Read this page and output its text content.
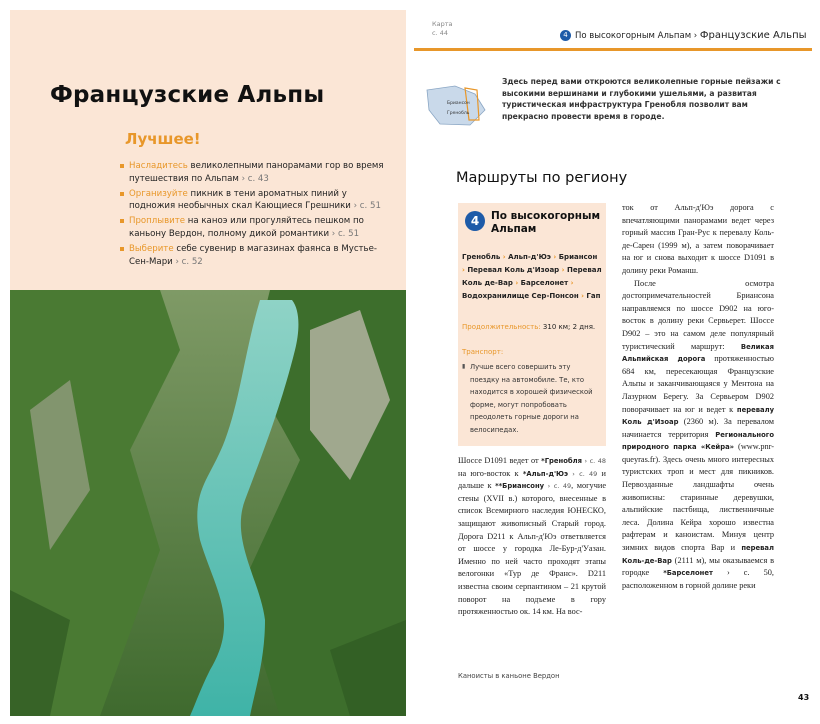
Французские Альпы
Лучшее!
Насладитесь великолепными панорамами гор во время путешествия по Альпам › с. 43
Организуйте пикник в тени ароматных пиний у подножия необычных скал Кающиеся Грешники › с. 51
Проплывите на каноэ или прогуляйтесь пешком по каньону Вердон, полному дикой романтики › с. 51
Выберите себе сувенир в магазинах фаянса в Мустье-Сен-Мари › с. 52
Карта
с. 44	4 По высокогорным Альпам › Французские Альпы
Бриансон
Гренобль
Здесь перед вами откроются великолепные горные пейзажи с высокими вершинами и глубокими ушельями, а развитая туристическая инфраструктура Гренобля позволит вам прекрасно провести время в городе.
Маршруты по региону
4	По высокогорным Альпам
Гренобль › Альп-д'Юэ › Бриансон › Перевал Коль д'Изоар › Перевал Коль де-Вар › Барселонет › Водохранилище Сер-Понсон › Гап
Продолжительность: 310 км; 2 дня.
Транспорт:
▮ Лучше всего совершить эту поездку на автомобиле. Те, кто находится в хорошей физической форме, могут попробовать преодолеть горные дороги на велосипедах.

Шоссе D1091 ведет от *Гренобля › с. 48 на юго-восток к *Альп-д'Юэ › с. 49 и дальше к **Бриансону › с. 49, могучие стены (XVII в.) которого, внесенные в список Всемирного наследия ЮНЕСКО, защищают живописный Старый город. Дорога D211 к Альп-д'Юэ ответвляется от шоссе у городка Ле-Бур-д'Уазан. Именно по ней часто проходят этапы велогонки «Тур де Франс». D211 известна своим серпантином – 21 крутой поворот на подъеме в гору протяженностью ок. 14 км. На вос-

ток от Альп-д'Юэ дорога с впечатляющими панорамами ведет через горный массив Гран-Рус к перевалу Коль-де-Сарен (1999 м), а затем поворачивает на юг и снова выходит к шоссе D1091 в долину реки Романш.

После осмотра достопримечательностей Бриансона направляемся по шоссе D902 на юго-восток в долину реки Сервьерет. Шоссе D902 – это на самом деле популярный туристический маршрут: Великая Альпийская дорога протяженностью 684 км, пересекающая Французские Альпы и заканчивающаяся у Ментона на Лазурном Берегу. За Сервьером D902 поворачивает на юг и ведет к перевалу Коль д'Изоар (2360 м). За перевалом начинается территория Регионального природного парка «Кейра» (www.pnr-queyras.fr). Здесь очень много интересных туристских троп и мест для пикников. Первозданные ландшафты очень живописны: старинные деревушки, альпийские пастбища, лиственничные леса. Долина Кейра хорошо известна рафтерам и каноистам. Минуя центр зимних видов спорта Вар и перевал Коль-де-Вар (2111 м), мы оказываемся в городке *Барселонет › с. 50, расположенном в горной долине реки

Каноисты в каньоне Вердон
43
